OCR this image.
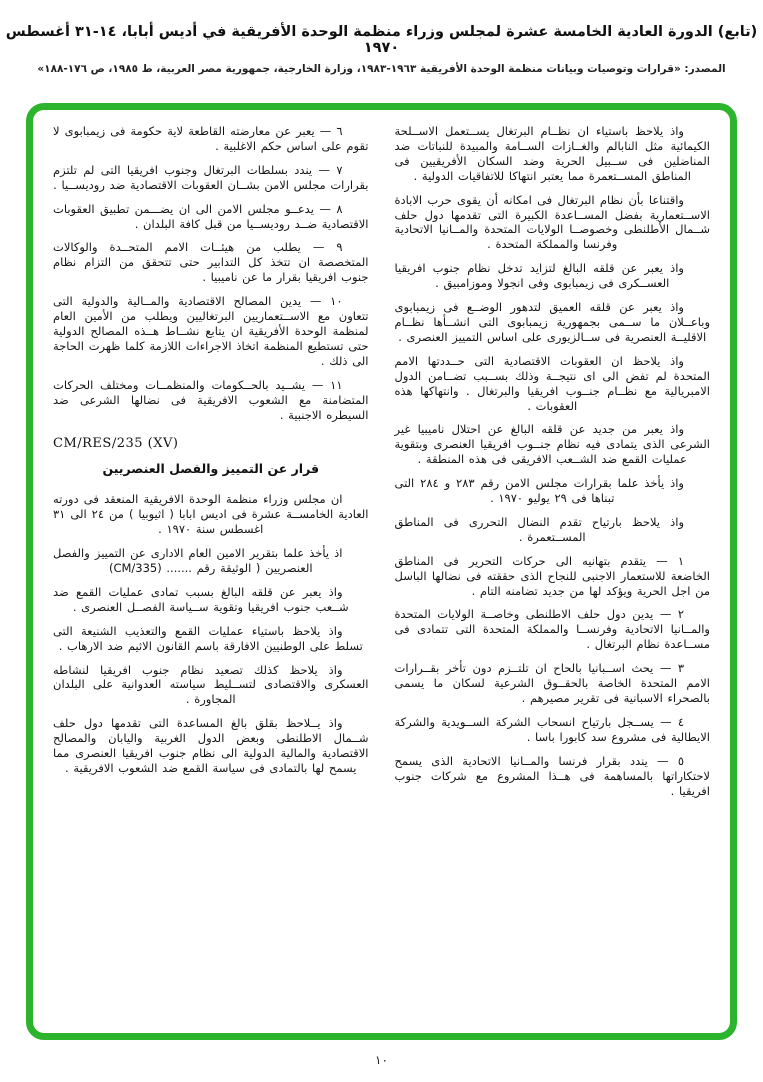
(تابع) الدورة العادية الخامسة عشرة لمجلس وزراء منظمة الوحدة الأفريقية في أديس أبابا، ١٤-٣١ أغسطس ١٩٧٠
المصدر: «قرارات وتوصيات وبيانات منظمة الوحدة الأفريقية ١٩٦٣-١٩٨٣، وزارة الخارجية، جمهورية مصر العربية، ط ١٩٨٥، ص ١٧٦-١٨٨»

واذ يلاحظ باستياء ان نظــام البرتغال يســتعمل الاســلحة الكيمائية مثل النابالم والغــازات الســامة والمبيدة للنباتات ضد المناضلين فى ســبيل الحرية وضد السكان الأفريقيين فى المناطق المســتعمرة مما يعتبر انتهاكا للاتفاقيات الدولية .

واقتناعا بأن نظام البرتغال فى امكانه أن يقوى حرب الابادة الاســتعمارية بفضل المســاعدة الكبيرة التى تقدمها دول حلف شــمال الأطلنطى وخصوصــا الولايات المتحدة والمــانيا الاتحادية وفرنسا والمملكة المتحدة .

واذ يعبر عن قلقه البالغ لتزايد تدخل نظام جنوب افريقيا العســكرى فى زيمبابوى وفى انجولا وموزامبيق .

واذ يعبر عن قلقه العميق لتدهور الوضــع فى زيمبابوى وباعــلان ما ســمى بجمهورية زيمبابوى التى انشــأها نظــام الاقليــة العنصرية فى ســالزيورى على اساس التمييز العنصرى .

واذ يلاحظ ان العقوبات الاقتصادية التى حــددتها الامم المتحدة لم تفض الى اى نتيجــة وذلك بســبب تضــامن الدول الامبريالية مع نظــام جنــوب افريقيا والبرتغال . وانتهاكها هذه العقوبات .

واذ يعبر من جديد عن قلقه البالغ عن احتلال ناميبيا غير الشرعى الذى يتمادى فيه نظام جنــوب افريقيا العنصرى وبتقوية عمليات القمع ضد الشــعب الافريقى فى هذه المنطقة .

واذ يأخذ علما بقرارات مجلس الامن رقم ٢٨٣ و ٢٨٤ التى تبناها فى ٢٩ يوليو ١٩٧٠ .

واذ يلاحظ بارتياح تقدم النضال التحررى فى المناطق المســتعمرة .

١ — يتقدم بتهانيه الى حركات التحرير فى المناطق الخاضعة للاستعمار الاجنبى للنجاح الذى حققته فى نضالها الباسل من اجل الحرية ويؤكد لها من جديد تضامنه التام .

٢ — يدين دول حلف الاطلنطى وخاصــة الولايات المتحدة والمــانيا الاتحادية وفرنســا والمملكة المتحدة التى تتمادى فى مســاعدة نظام البرتغال .

٣ — يحث اســبانيا بالحاح ان تلتــزم دون تأخر بقــرارات الامم المتحدة الخاصة بالحقــوق الشرعية لسكان ما يسمى بالصحراء الاسبانية فى تقرير مصيرهم .

٤ — يســجل بارتياح انسحاب الشركة الســويدية والشركة الايطالية فى مشروع سد كابورا باسا .

٥ — يندد بقرار فرنسا والمــانيا الاتحادية الذى يسمح لاحتكاراتها بالمساهمة فى هــذا المشروع مع شركات جنوب افريقيا .

٦ — يعبر عن معارضته القاطعة لاية حكومة فى زيمبابوى لا تقوم على اساس حكم الاغلبية .

٧ — يندد بسلطات البرتغال وجنوب افريقيا التى لم تلتزم بقرارات مجلس الامن بشــان العقوبات الاقتصادية ضد روديســيا .

٨ — يدعــو مجلس الامن الى ان يضـــمن تطبيق العقوبات الاقتصادية ضــد روديســيا من قبل كافة البلدان .

٩ — يطلب من هيئــات الامم المتحــدة والوكالات المتخصصة ان تتخذ كل التدابير حتى تتحقق من التزام نظام جنوب افريقيا بقرار ما عن ناميبيا .

١٠ — يدين المصالح الاقتصادية والمــالية والدولية التى تتعاون مع الاســتعماريين البرتغاليين ويطلب من الأمين العام لمنظمة الوحدة الأفريقية ان يتابع نشــاط هــذه المصالح الدولية حتى تستطيع المنظمة اتخاذ الاجراءات اللازمة كلما ظهرت الحاجة الى ذلك .

١١ — يشــيد بالحــكومات والمنظمــات ومختلف الحركات المتضامنة مع الشعوب الافريقية فى نضالها الشرعى ضد السيطره الاجنبية .

CM/RES/235 (XV)
قرار عن التمييز والفصل العنصريين

ان مجلس وزراء منظمة الوحدة الافريقية المنعقد فى دورته العادية الخامســة عشرة فى اديس ابابا ( اثيوبيا ) من ٢٤ الى ٣١ اغسطس سنة ١٩٧٠ .

اذ يأخذ علما بتقرير الامين العام الادارى عن التمييز والفصل العنصريين ( الوثيقة رقم ....... (CM/335)

واذ يعبر عن قلقه البالغ بسبب تمادى عمليات القمع ضد شــعب جنوب افريقيا وتقوية ســياسة الفصــل العنصرى .

واذ يلاحظ باستياء عمليات القمع والتعذيب الشنيعة التى تسلط على الوطنيين الافارقة باسم القانون الاثيم ضد الارهاب .

واذ يلاحظ كذلك تصعيد نظام جنوب افريقيا لنشاطه العسكرى والاقتصادى لتســليط سياسته العدوانية على البلدان المجاورة .

واذ يــلاحظ بقلق بالغ المساعدة التى تقدمها دول حلف شــمال الاطلنطى وبعض الدول الغربية واليابان والمصالح الاقتصادية والمالية الدولية الى نظام جنوب افريقيا العنصرى مما يسمح لها بالتمادى فى سياسة القمع ضد الشعوب الافريقية .

١٠
